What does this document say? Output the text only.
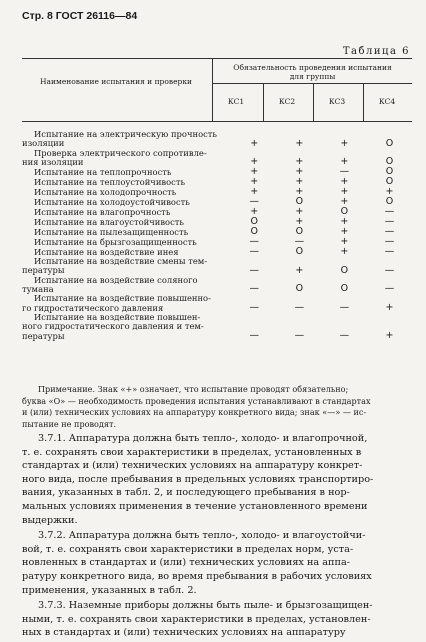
Стр. 8 ГОСТ 26116—84
Таблица 6
Наименование испытания и проверки
Обязательность проведения испытания
для группы
КС1	КС2	КС3	КС4
Испытание на электрическую прочность
изоляции	+	+	+	O
Проверка электрического сопротивле-
ния изоляции	+	+	+	O
Испытание на теплопрочность	+	+	—	O
Испытание на теплоустойчивость	+	+	+	O
Испытание на холодопрочность	+	+	+	+
Испытание на холодоустойчивость	—	O	+	O
Испытание на влагопрочность	+	+	O	—
Испытание на влагоустойчивость	O	+	+	—
Испытание на пылезащищенность	O	O	+	—
Испытание на брызгозащищенность	—	—	+	—
Испытание на воздействие инея	—	O	+	—
Испытание на воздействие смены тем-
пературы	—	+	O	—
Испытание на воздействие соляного
тумана	—	O	O	—
Испытание на воздействие повышенно-
го гидростатического давления	—	—	—	+
Испытание на воздействие повышен-
ного гидростатического давления и тем-
пературы	—	—	—	+
Примечание. Знак «+» означает, что испытание проводят обязательно;
буква «О» — необходимость проведения испытания устанавливают в стандартах
и (или) технических условиях на аппаратуру конкретного вида; знак «—» — ис-
пытание не проводят.
3.7.1. Аппаратура должна быть тепло-, холодо- и влагопрочной,
т. е. сохранять свои характеристики в пределах, установленных в
стандартах и (или) технических условиях на аппаратуру конкрет-
ного вида, после пребывания в предельных условиях транспортиро-
вания, указанных в табл. 2, и последующего пребывания в нор-
мальных условиях применения в течение установленного времени
выдержки.
3.7.2. Аппаратура должна быть тепло-, холодо- и влагоустойчи-
вой, т. е. сохранять свои характеристики в пределах норм, уста-
новленных в стандартах и (или) технических условиях на аппа-
ратуру конкретного вида, во время пребывания в рабочих условиях
применения, указанных в табл. 2.
3.7.3. Наземные приборы должны быть пыле- и брызгозащищен-
ными, т. е. сохранять свои характеристики в пределах, установлен-
ных в стандартах и (или) технических условиях на аппаратуру
